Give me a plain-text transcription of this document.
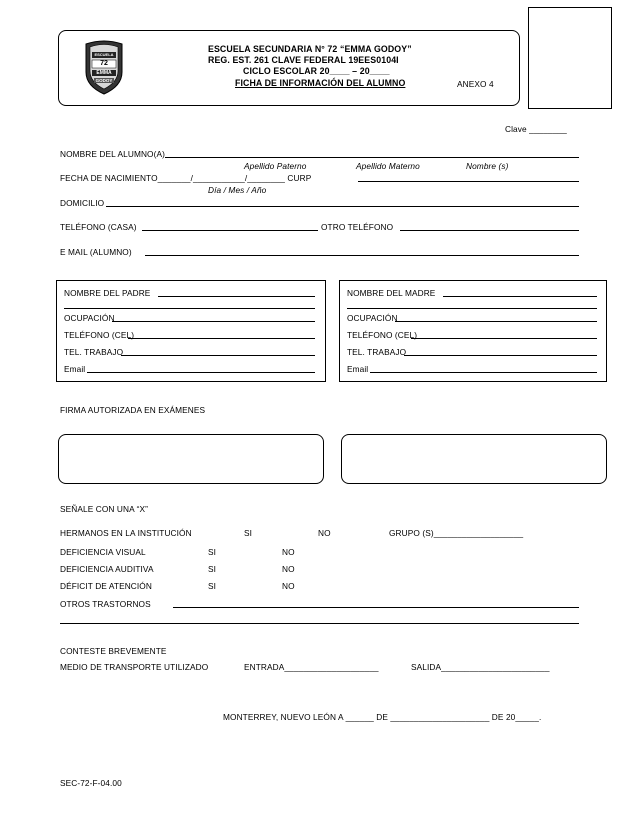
ESCUELA
72
EMMA
GODOY
ESCUELA SECUNDARIA N° 72 “EMMA GODOY”
REG. EST. 261 CLAVE FEDERAL 19EES0104I
CICLO ESCOLAR 20____ – 20____
FICHA DE INFORMACIÓN DEL ALUMNO	ANEXO 4
Clave ________
NOMBRE DEL ALUMNO(A)
Apellido Paterno	Apellido Materno	Nombre (s)
FECHA DE NACIMIENTO_______/___________/________ CURP
Día / Mes / Año
DOMICILIO
TELÉFONO (CASA)	OTRO TELÉFONO
E MAIL (ALUMNO)
NOMBRE DEL PADRE
OCUPACIÓN
TELÉFONO (CEL)
TEL. TRABAJO
Email
NOMBRE DEL MADRE
OCUPACIÓN
TELÉFONO (CEL)
TEL. TRABAJO
Email
FIRMA AUTORIZADA EN EXÁMENES
SEÑALE CON UNA “X”
HERMANOS EN LA INSTITUCIÓN	SI	NO	GRUPO (S)___________________
DEFICIENCIA VISUAL	SI	NO
DEFICIENCIA AUDITIVA	SI	NO
DÉFICIT DE ATENCIÓN	SI	NO
OTROS TRASTORNOS
CONTESTE BREVEMENTE
MEDIO DE TRANSPORTE UTILIZADO	ENTRADA____________________	SALIDA_______________________
MONTERREY, NUEVO LEÓN A ______ DE _____________________ DE 20_____.
SEC-72-F-04.00
